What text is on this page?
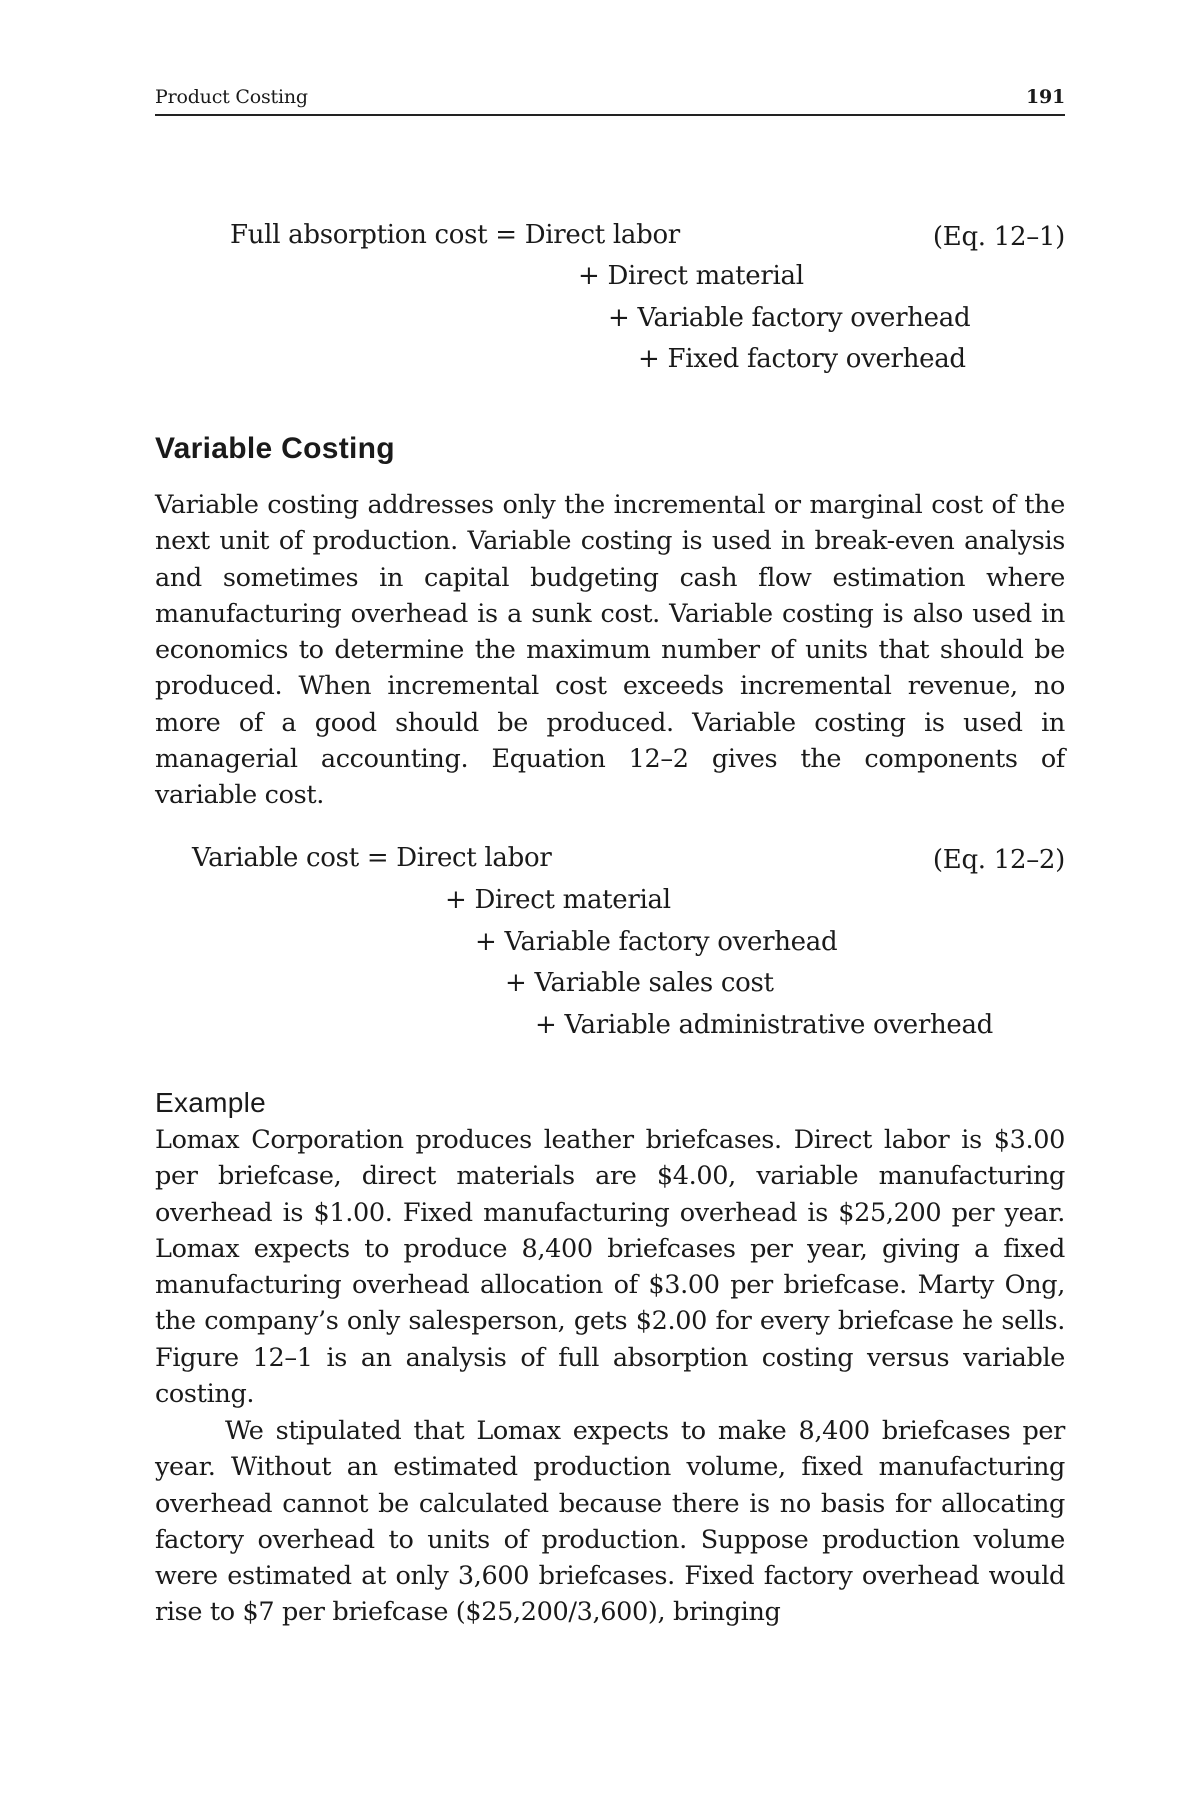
Product Costing	191
Full absorption cost = Direct labor	(Eq. 12–1)
+ Direct material
+ Variable factory overhead
+ Fixed factory overhead
Variable Costing
Variable costing addresses only the incremental or marginal cost of the next unit of production. Variable costing is used in break-even analysis and sometimes in capital budgeting cash flow estimation where manufacturing overhead is a sunk cost. Variable costing is also used in economics to determine the maximum number of units that should be produced. When incremental cost exceeds incremental revenue, no more of a good should be produced. Variable costing is used in managerial accounting. Equation 12–2 gives the components of variable cost.
Variable cost = Direct labor	(Eq. 12–2)
+ Direct material
+ Variable factory overhead
+ Variable sales cost
+ Variable administrative overhead
Example
Lomax Corporation produces leather briefcases. Direct labor is $3.00 per briefcase, direct materials are $4.00, variable manufacturing overhead is $1.00. Fixed manufacturing overhead is $25,200 per year. Lomax expects to produce 8,400 briefcases per year, giving a fixed manufacturing overhead allocation of $3.00 per briefcase. Marty Ong, the company’s only salesperson, gets $2.00 for every briefcase he sells. Figure 12–1 is an analysis of full absorption costing versus variable costing.
We stipulated that Lomax expects to make 8,400 briefcases per year. Without an estimated production volume, fixed manufacturing overhead cannot be calculated because there is no basis for allocating factory overhead to units of production. Suppose production volume were estimated at only 3,600 briefcases. Fixed factory overhead would rise to $7 per briefcase ($25,200/3,600), bringing
